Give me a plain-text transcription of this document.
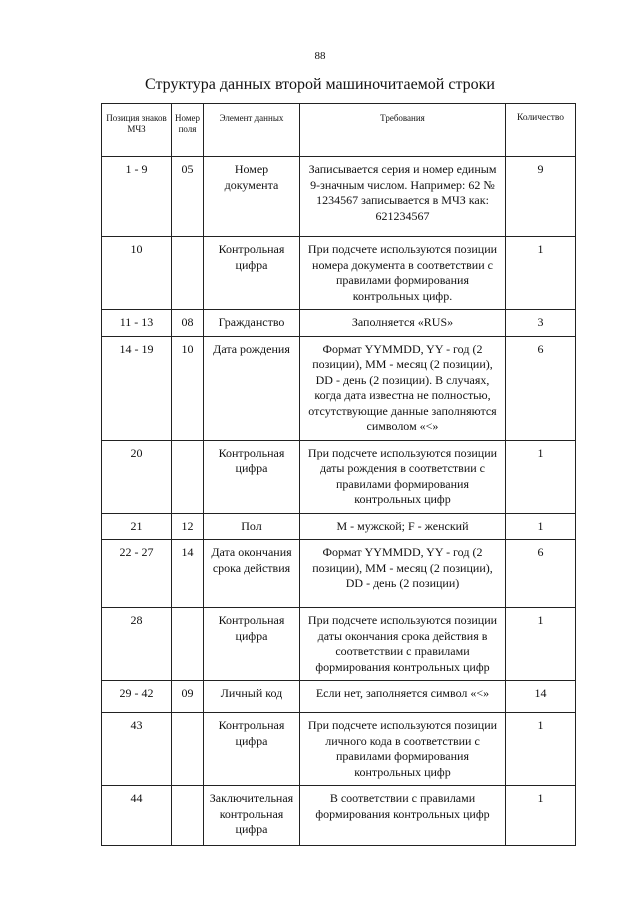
88
Структура данных второй машиночитаемой строки
Позиция знаков МЧЗ	Номер поля	Элемент данных	Требования	Количество
1 - 9	05	Номер документа	Записывается серия и номер единым 9-значным числом. Например: 62 № 1234567 записывается в МЧЗ как: 621234567	9
10		Контрольная цифра	При подсчете используются позиции номера документа в соответствии с правилами формирования контрольных цифр.	1
11 - 13	08	Гражданство	Заполняется «RUS»	3
14 - 19	10	Дата рождения	Формат YYMMDD, YY - год (2 позиции), MM - месяц (2 позиции), DD - день (2 позиции). В случаях, когда дата известна не полностью, отсутствующие данные заполняются символом «<»	6
20		Контрольная цифра	При подсчете используются позиции даты рождения в соответствии с правилами формирования контрольных цифр	1
21	12	Пол	M - мужской; F - женский	1
22 - 27	14	Дата окончания срока действия	Формат YYMMDD, YY - год (2 позиции), MM - месяц (2 позиции), DD - день (2 позиции)	6
28		Контрольная цифра	При подсчете используются позиции даты окончания срока действия в соответствии с правилами формирования контрольных цифр	1
29 - 42	09	Личный код	Если нет, заполняется символ «<»	14
43		Контрольная цифра	При подсчете используются позиции личного кода в соответствии с правилами формирования контрольных цифр	1
44		Заключительная контрольная цифра	В соответствии с правилами формирования контрольных цифр	1
